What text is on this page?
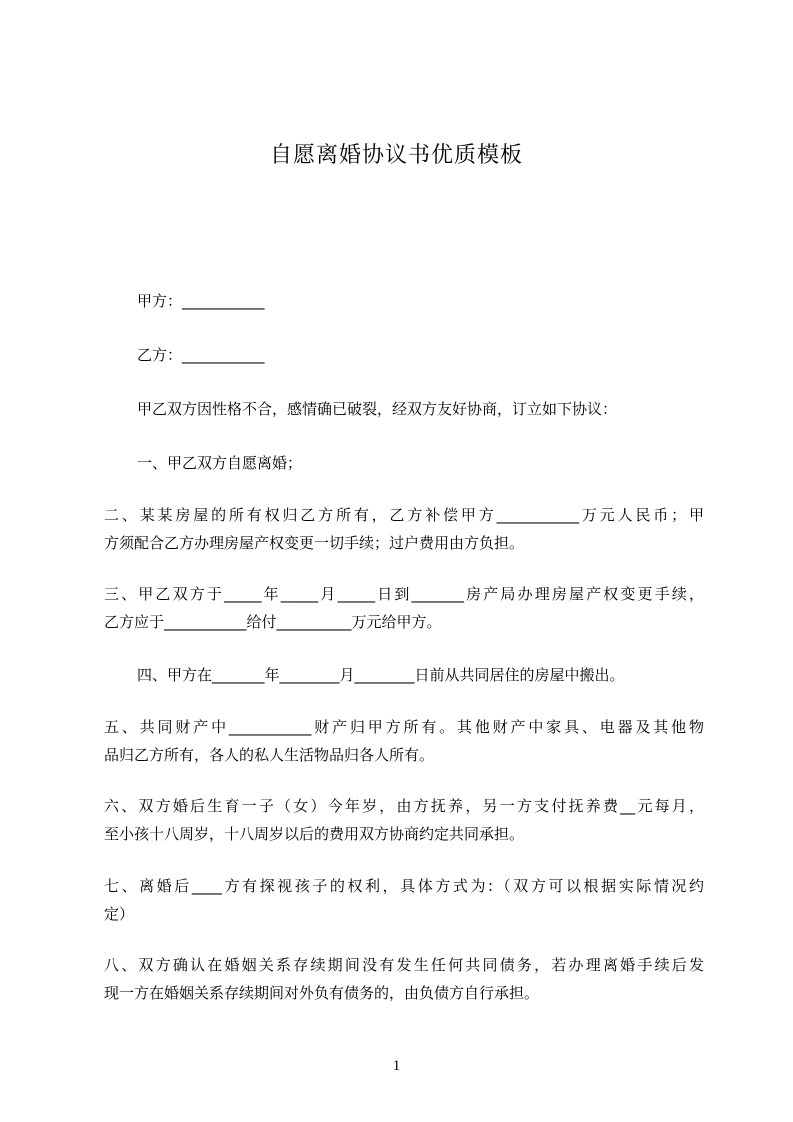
自愿离婚协议书优质模板
甲方：___________
乙方：___________
甲乙双方因性格不合，感情确已破裂，经双方友好协商，订立如下协议：
一、甲乙双方自愿离婚；
二、某某房屋的所有权归乙方所有，乙方补偿甲方___________万元人民币；甲
方须配合乙方办理房屋产权变更一切手续；过户费用由方负担。
三、甲乙双方于_____年_____月_____日到_______房产局办理房屋产权变更手续，
乙方应于___________给付__________万元给甲方。
四、甲方在_______年________月________日前从共同居住的房屋中搬出。
五、共同财产中___________财产归甲方所有。其他财产中家具、电器及其他物
品归乙方所有，各人的私人生活物品归各人所有。
六、双方婚后生育一子（女）今年岁，由方抚养，另一方支付抚养费__元每月，
至小孩十八周岁，十八周岁以后的费用双方协商约定共同承担。
七、离婚后____方有探视孩子的权利，具体方式为:（双方可以根据实际情况约
定）
八、双方确认在婚姻关系存续期间没有发生任何共同债务，若办理离婚手续后发
现一方在婚姻关系存续期间对外负有债务的，由负债方自行承担。
1
